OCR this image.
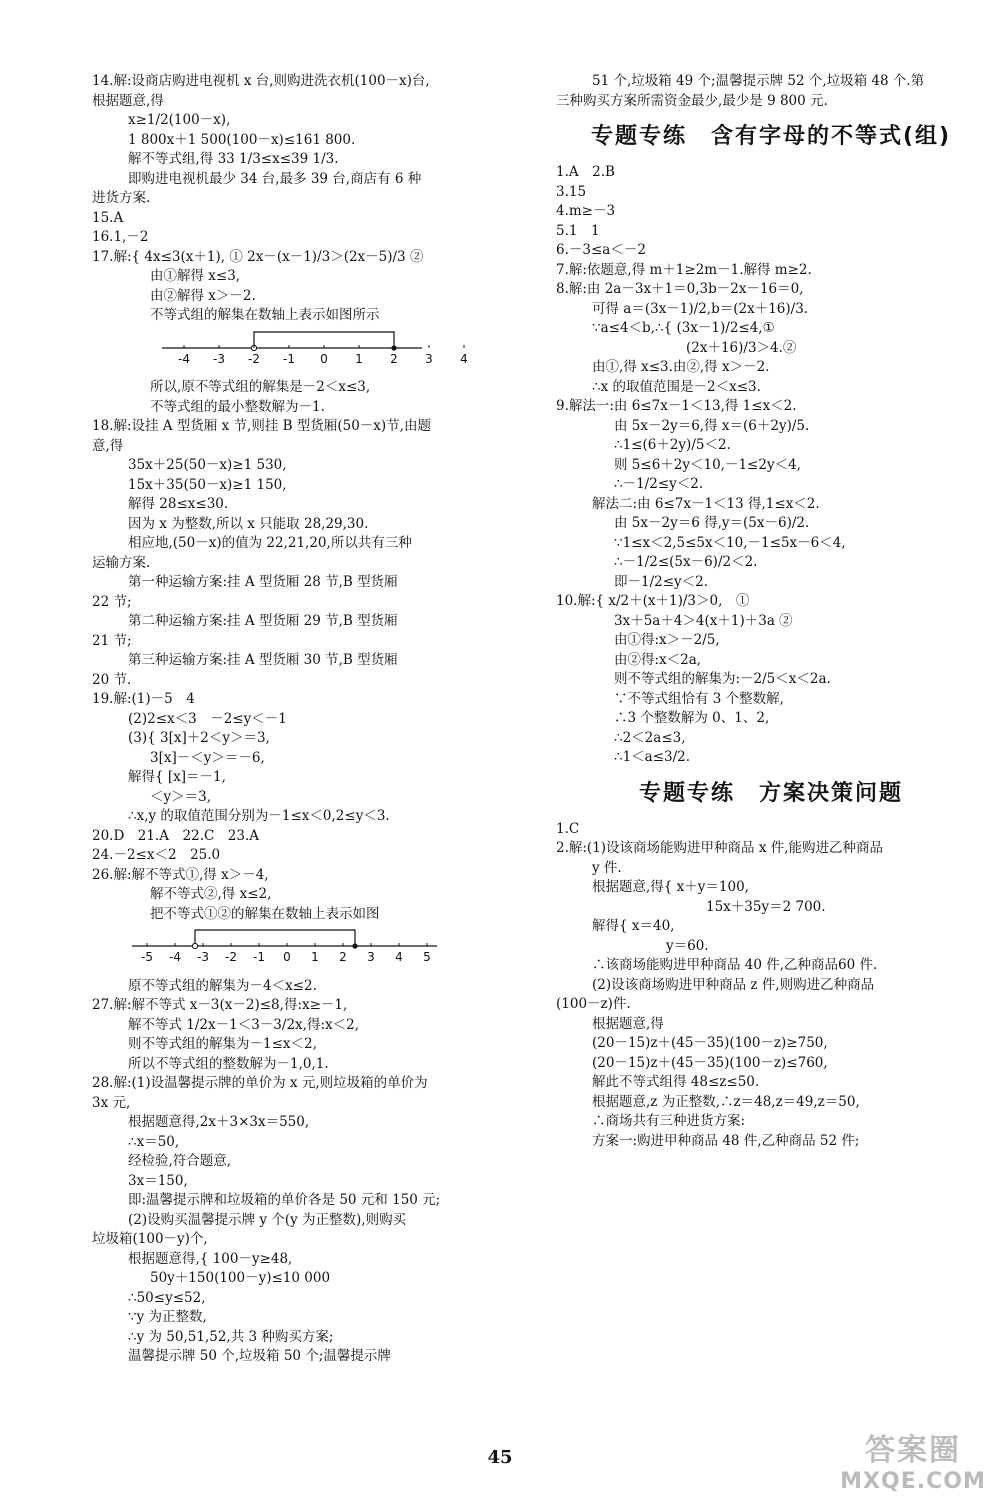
14.解:设商店购进电视机 x 台,则购进洗衣机(100－x)台,
根据题意,得
x≥1/2(100－x),
1 800x＋1 500(100－x)≤161 800.
解不等式组,得 33 1/3≤x≤39 1/3.
即购进电视机最少 34 台,最多 39 台,商店有 6 种
进货方案.
15.A
16.1,－2
17.解:{ 4x≤3(x＋1), ① 2x－(x－1)/3＞(2x－5)/3 ②
由①解得 x≤3,
由②解得 x＞－2.
不等式组的解集在数轴上表示如图所示
-4 -3 -2 -1 0 1 2 3 4
所以,原不等式组的解集是－2＜x≤3,
不等式组的最小整数解为－1.
18.解:设挂 A 型货厢 x 节,则挂 B 型货厢(50－x)节,由题
意,得
35x＋25(50－x)≥1 530,
15x＋35(50－x)≥1 150,
解得 28≤x≤30.
因为 x 为整数,所以 x 只能取 28,29,30.
相应地,(50－x)的值为 22,21,20,所以共有三种
运输方案.
第一种运输方案:挂 A 型货厢 28 节,B 型货厢
22 节;
第二种运输方案:挂 A 型货厢 29 节,B 型货厢
21 节;
第三种运输方案:挂 A 型货厢 30 节,B 型货厢
20 节.
19.解:(1)－5　4
(2)2≤x＜3　－2≤y＜－1
(3){ 3[x]＋2＜y＞＝3,
3[x]－＜y＞＝－6,
解得{ [x]＝－1,
＜y＞＝3,
∴x,y 的取值范围分别为－1≤x＜0,2≤y＜3.
20.D　21.A　22.C　23.A
24.－2≤x＜2　25.0
26.解:解不等式①,得 x＞－4,
解不等式②,得 x≤2,
把不等式①②的解集在数轴上表示如图
-5 -4 -3 -2 -1 0 1 2 3 4 5
原不等式组的解集为－4＜x≤2.
27.解:解不等式 x－3(x－2)≤8,得:x≥－1,
解不等式 1/2x－1＜3－3/2x,得:x＜2,
则不等式组的解集为－1≤x＜2,
所以不等式组的整数解为－1,0,1.
28.解:(1)设温馨提示牌的单价为 x 元,则垃圾箱的单价为
3x 元,
根据题意得,2x＋3×3x＝550,
∴x＝50,
经检验,符合题意,
3x＝150,
即:温馨提示牌和垃圾箱的单价各是 50 元和 150 元;
(2)设购买温馨提示牌 y 个(y 为正整数),则购买
垃圾箱(100－y)个,
根据题意得,{ 100－y≥48,
50y＋150(100－y)≤10 000
∴50≤y≤52,
∵y 为正整数,
∴y 为 50,51,52,共 3 种购买方案;
温馨提示牌 50 个,垃圾箱 50 个;温馨提示牌
51 个,垃圾箱 49 个;温馨提示牌 52 个,垃圾箱 48 个.第
三种购买方案所需资金最少,最少是 9 800 元.
专题专练　含有字母的不等式(组)
1.A　2.B
3.15
4.m≥－3
5.1　1
6.－3≤a＜－2
7.解:依题意,得 m＋1≥2m－1.解得 m≥2.
8.解:由 2a－3x＋1＝0,3b－2x－16＝0,
可得 a＝(3x－1)/2,b＝(2x＋16)/3.
∵a≤4＜b,∴{ (3x－1)/2≤4,①
(2x＋16)/3＞4.②
由①,得 x≤3.由②,得 x＞－2.
∴x 的取值范围是－2＜x≤3.
9.解法一:由 6≤7x－1＜13,得 1≤x＜2.
由 5x－2y＝6,得 x＝(6＋2y)/5.
∴1≤(6＋2y)/5＜2.
则 5≤6＋2y＜10,－1≤2y＜4,
∴－1/2≤y＜2.
解法二:由 6≤7x－1＜13 得,1≤x＜2.
由 5x－2y＝6 得,y＝(5x－6)/2.
∵1≤x＜2,5≤5x＜10,－1≤5x－6＜4,
∴－1/2≤(5x－6)/2＜2.
即－1/2≤y＜2.
10.解:{ x/2＋(x＋1)/3＞0,　①
3x＋5a＋4＞4(x＋1)＋3a ②
由①得:x＞－2/5,
由②得:x＜2a,
则不等式组的解集为:－2/5＜x＜2a.
∵不等式组恰有 3 个整数解,
∴3 个整数解为 0、1、2,
∴2＜2a≤3,
∴1＜a≤3/2.
专题专练　方案决策问题
1.C
2.解:(1)设该商场能购进甲种商品 x 件,能购进乙种商品
y 件.
根据题意,得{ x＋y＝100,
15x＋35y＝2 700.
解得{ x＝40,
y＝60.
∴该商场能购进甲种商品 40 件,乙种商品60 件.
(2)设该商场购进甲种商品 z 件,则购进乙种商品
(100－z)件.
根据题意,得
(20－15)z＋(45－35)(100－z)≥750,
(20－15)z＋(45－35)(100－z)≤760,
解此不等式组得 48≤z≤50.
根据题意,z 为正整数,∴z＝48,z＝49,z＝50,
∴商场共有三种进货方案:
方案一:购进甲种商品 48 件,乙种商品 52 件;
45	答案圈
MXQE.COM
